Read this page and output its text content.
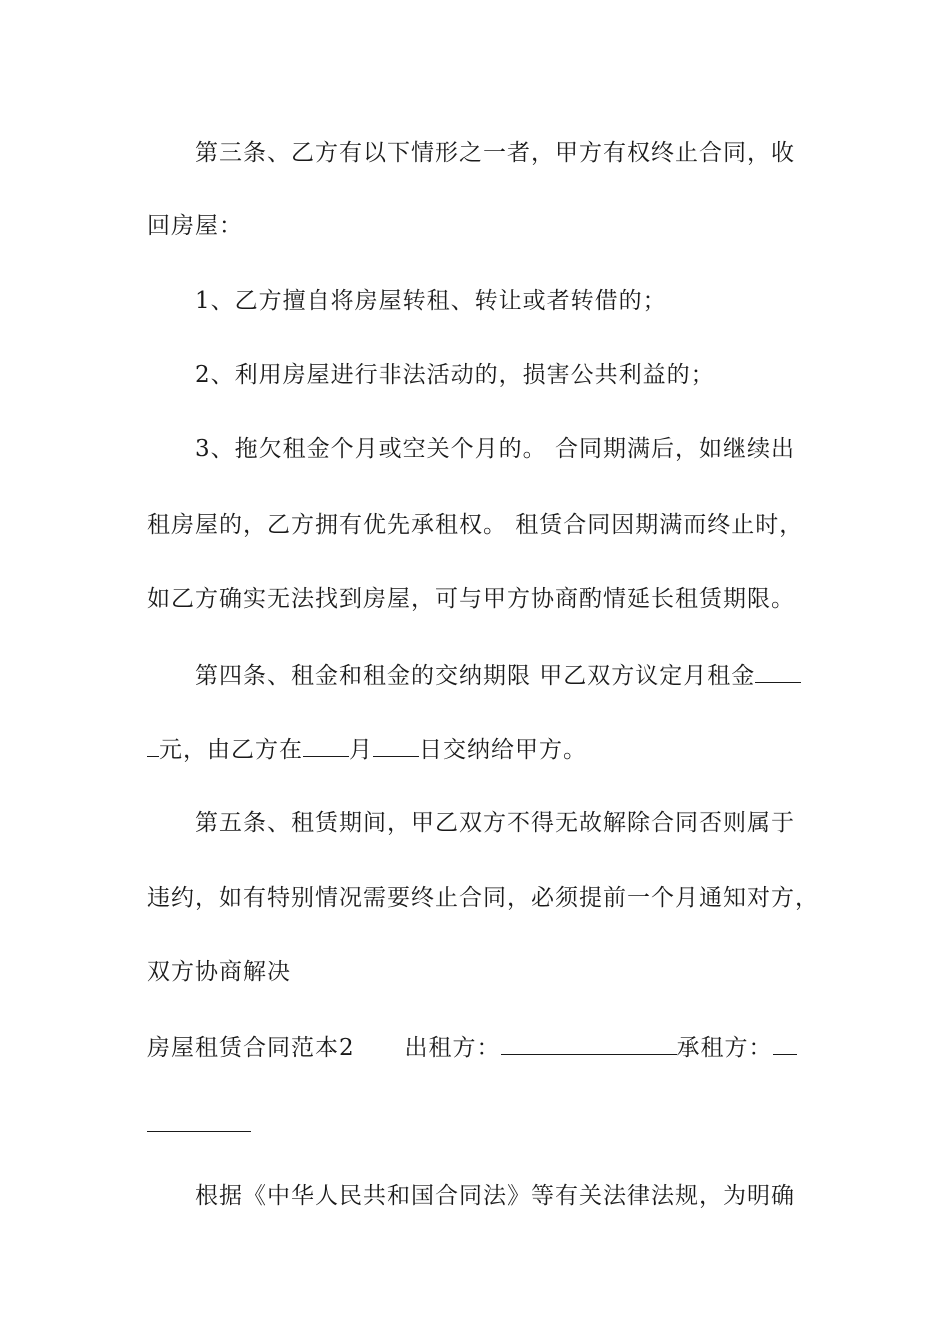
第三条、乙方有以下情形之一者，甲方有权终止合同，收
回房屋：
1、乙方擅自将房屋转租、转让或者转借的；
2、利用房屋进行非法活动的，损害公共利益的；
3、拖欠租金个月或空关个月的。 合同期满后，如继续出
租房屋的，乙方拥有优先承租权。 租赁合同因期满而终止时，
如乙方确实无法找到房屋，可与甲方协商酌情延长租赁期限。
第四条、租金和租金的交纳期限 甲乙双方议定月租金
元，由乙方在 月 日交纳给甲方。
第五条、租赁期间，甲乙双方不得无故解除合同否则属于
违约，如有特别情况需要终止合同，必须提前一个月通知对方，
双方协商解决
房屋租赁合同范本2 出租方：	承租方：
根据《中华人民共和国合同法》等有关法律法规，为明确
